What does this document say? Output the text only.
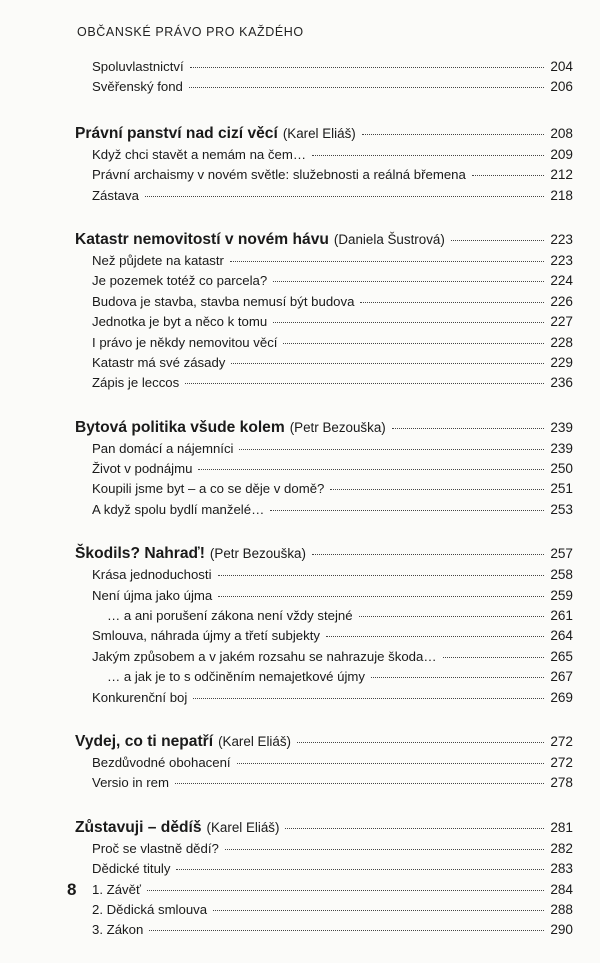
OBČANSKÉ PRÁVO PRO KAŽDÉHO
Spoluvlastnictví	204
Svěřenský fond	206
Právní panství nad cizí věcí (Karel Eliáš)	208
Když chci stavět a nemám na čem…	209
Právní archaismy v novém světle: služebnosti a reálná břemena	212
Zástava	218
Katastr nemovitostí v novém hávu (Daniela Šustrová)	223
Než půjdete na katastr	223
Je pozemek totéž co parcela?	224
Budova je stavba, stavba nemusí být budova	226
Jednotka je byt a něco k tomu	227
I právo je někdy nemovitou věcí	228
Katastr má své zásady	229
Zápis je leccos	236
Bytová politika všude kolem (Petr Bezouška)	239
Pan domácí a nájemníci	239
Život v podnájmu	250
Koupili jsme byt – a co se děje v domě?	251
A když spolu bydlí manželé…	253
Škodils? Nahraď! (Petr Bezouška)	257
Krása jednoduchosti	258
Není újma jako újma	259
… a ani porušení zákona není vždy stejné	261
Smlouva, náhrada újmy a třetí subjekty	264
Jakým způsobem a v jakém rozsahu se nahrazuje škoda…	265
… a jak je to s odčiněním nemajetkové újmy	267
Konkurenční boj	269
Vydej, co ti nepatří (Karel Eliáš)	272
Bezdůvodné obohacení	272
Versio in rem	278
Zůstavuji – dědíš (Karel Eliáš)	281
Proč se vlastně dědí?	282
Dědické tituly	283
1. Závěť	284
2. Dědická smlouva	288
3. Zákon	290
8
